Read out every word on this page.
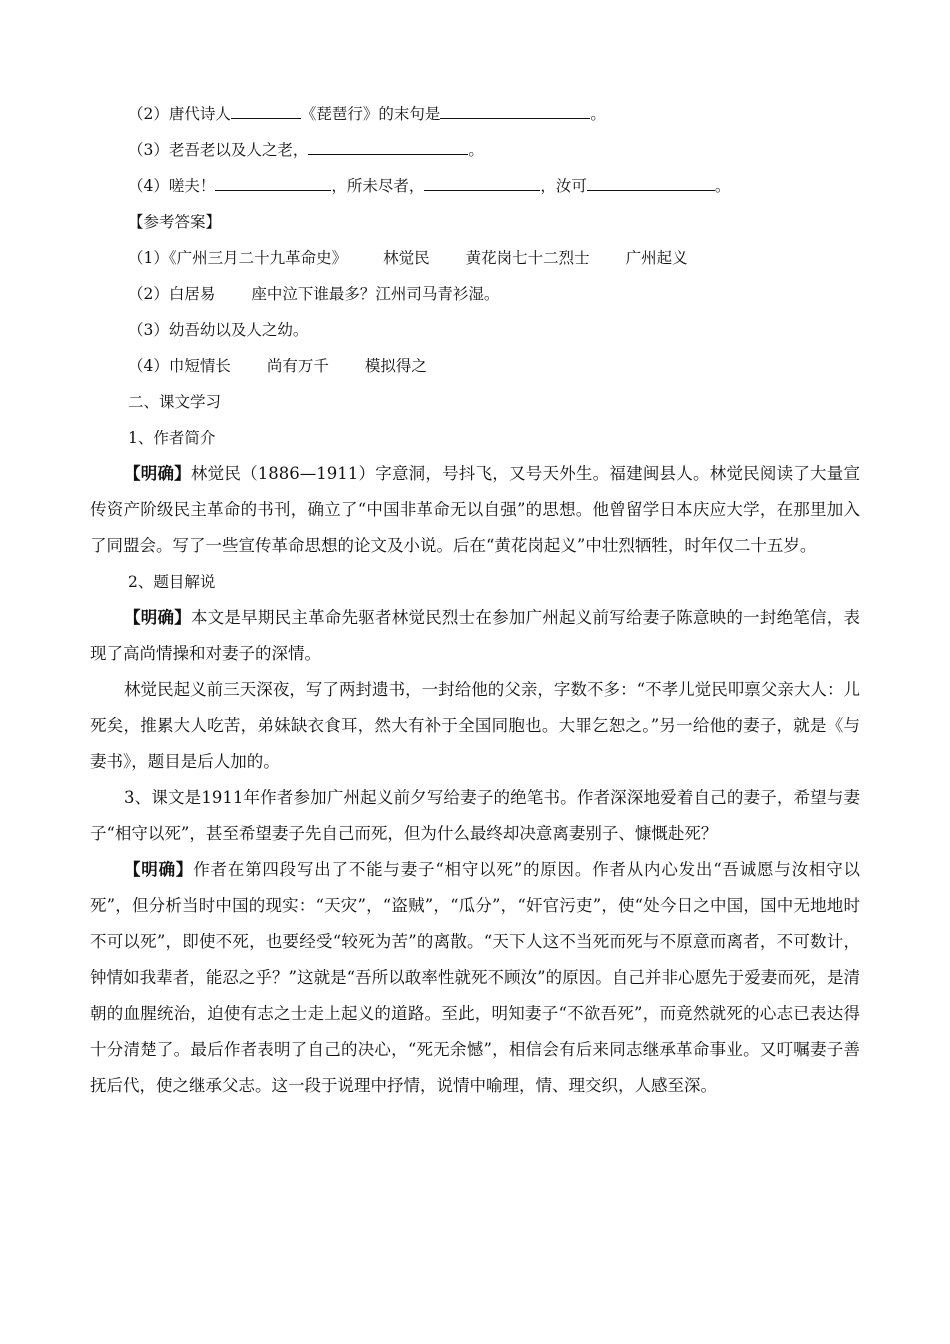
（2）唐代诗人	《琵琶行》的末句是	。
（3）老吾老以及人之老，	。
（4）嗟夫！	，所未尽者，	，汝可	。
【参考答案】
（1）《广州三月二十九革命史》 林觉民 黄花岗七十二烈士 广州起义
（2）白居易 座中泣下谁最多？江州司马青衫湿。
（3）幼吾幼以及人之幼。
（4）巾短情长 尚有万千 模拟得之
二、课文学习
1、作者简介
【明确】林觉民（1886—1911）字意洞，号抖飞，又号天外生。福建闽县人。林觉民阅读了大量宣传资产阶级民主革命的书刊，确立了“中国非革命无以自强”的思想。他曾留学日本庆应大学，在那里加入了同盟会。写了一些宣传革命思想的论文及小说。后在“黄花岗起义”中壮烈牺牲，时年仅二十五岁。
2、题目解说
【明确】本文是早期民主革命先驱者林觉民烈士在参加广州起义前写给妻子陈意映的一封绝笔信，表现了高尚情操和对妻子的深情。
林觉民起义前三天深夜，写了两封遗书，一封给他的父亲，字数不多：“不孝儿觉民叩禀父亲大人：儿死矣，推累大人吃苦，弟妹缺衣食耳，然大有补于全国同胞也。大罪乞恕之。”另一给他的妻子，就是《与妻书》，题目是后人加的。
3、课文是1911年作者参加广州起义前夕写给妻子的绝笔书。作者深深地爱着自己的妻子，希望与妻子“相守以死”，甚至希望妻子先自己而死，但为什么最终却决意离妻别子、慷慨赴死？
【明确】作者在第四段写出了不能与妻子“相守以死”的原因。作者从内心发出“吾诚愿与汝相守以死”，但分析当时中国的现实：“天灾”，“盗贼”，“瓜分”，“奸官污吏”，使“处今日之中国，国中无地地时不可以死”，即使不死，也要经受“较死为苦”的离散。“天下人这不当死而死与不原意而离者，不可数计，钟情如我辈者，能忍之乎？”这就是“吾所以敢率性就死不顾汝”的原因。自己并非心愿先于爱妻而死，是清朝的血腥统治，迫使有志之士走上起义的道路。至此，明知妻子“不欲吾死”，而竟然就死的心志已表达得十分清楚了。最后作者表明了自己的决心，“死无余憾”，相信会有后来同志继承革命事业。又叮嘱妻子善抚后代，使之继承父志。这一段于说理中抒情，说情中喻理，情、理交织，人感至深。
